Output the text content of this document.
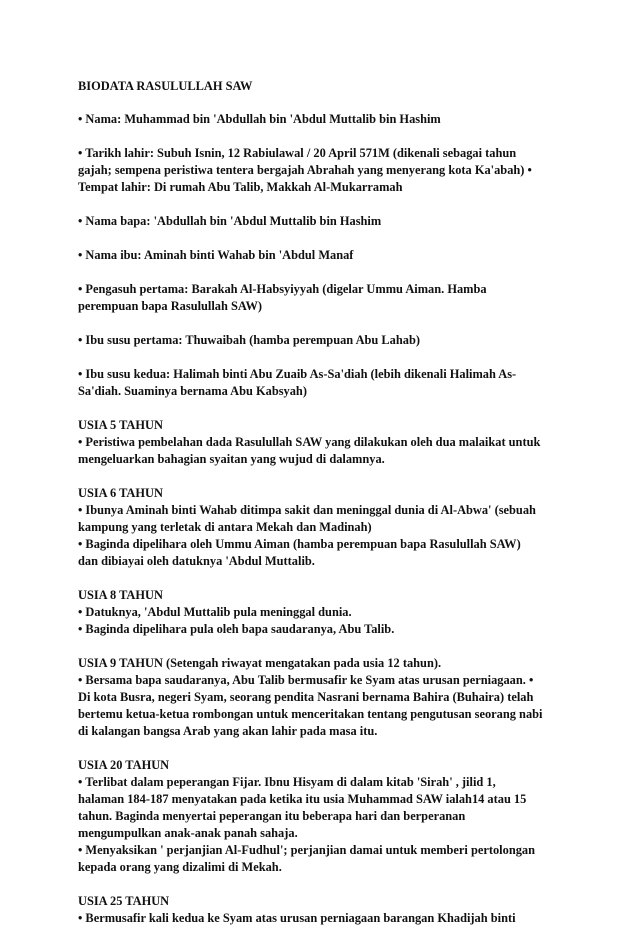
BIODATA RASULULLAH SAW
• Nama: Muhammad bin 'Abdullah bin 'Abdul Muttalib bin Hashim
• Tarikh lahir: Subuh Isnin, 12 Rabiulawal / 20 April 571M (dikenali sebagai tahun
gajah; sempena peristiwa tentera bergajah Abrahah yang menyerang kota Ka'abah) •
Tempat lahir: Di rumah Abu Talib, Makkah Al-Mukarramah
• Nama bapa: 'Abdullah bin 'Abdul Muttalib bin Hashim
• Nama ibu: Aminah binti Wahab bin 'Abdul Manaf
• Pengasuh pertama: Barakah Al-Habsyiyyah (digelar Ummu Aiman. Hamba
perempuan bapa Rasulullah SAW)
• Ibu susu pertama: Thuwaibah (hamba perempuan Abu Lahab)
• Ibu susu kedua: Halimah binti Abu Zuaib As-Sa'diah (lebih dikenali Halimah As-
Sa'diah. Suaminya bernama Abu Kabsyah)
USIA 5 TAHUN
• Peristiwa pembelahan dada Rasulullah SAW yang dilakukan oleh dua malaikat untuk
mengeluarkan bahagian syaitan yang wujud di dalamnya.
USIA 6 TAHUN
• Ibunya Aminah binti Wahab ditimpa sakit dan meninggal dunia di Al-Abwa' (sebuah
kampung yang terletak di antara Mekah dan Madinah)
• Baginda dipelihara oleh Ummu Aiman (hamba perempuan bapa Rasulullah SAW)
dan dibiayai oleh datuknya 'Abdul Muttalib.
USIA 8 TAHUN
• Datuknya, 'Abdul Muttalib pula meninggal dunia.
• Baginda dipelihara pula oleh bapa saudaranya, Abu Talib.
USIA 9 TAHUN (Setengah riwayat mengatakan pada usia 12 tahun).
• Bersama bapa saudaranya, Abu Talib bermusafir ke Syam atas urusan perniagaan. •
Di kota Busra, negeri Syam, seorang pendita Nasrani bernama Bahira (Buhaira) telah
bertemu ketua-ketua rombongan untuk menceritakan tentang pengutusan seorang nabi
di kalangan bangsa Arab yang akan lahir pada masa itu.
USIA 20 TAHUN
• Terlibat dalam peperangan Fijar. Ibnu Hisyam di dalam kitab 'Sirah' , jilid 1,
halaman 184-187 menyatakan pada ketika itu usia Muhammad SAW ialah14 atau 15
tahun. Baginda menyertai peperangan itu beberapa hari dan berperanan
mengumpulkan anak-anak panah sahaja.
• Menyaksikan ' perjanjian Al-Fudhul'; perjanjian damai untuk memberi pertolongan
kepada orang yang dizalimi di Mekah.
USIA 25 TAHUN
• Bermusafir kali kedua ke Syam atas urusan perniagaan barangan Khadijah binti
